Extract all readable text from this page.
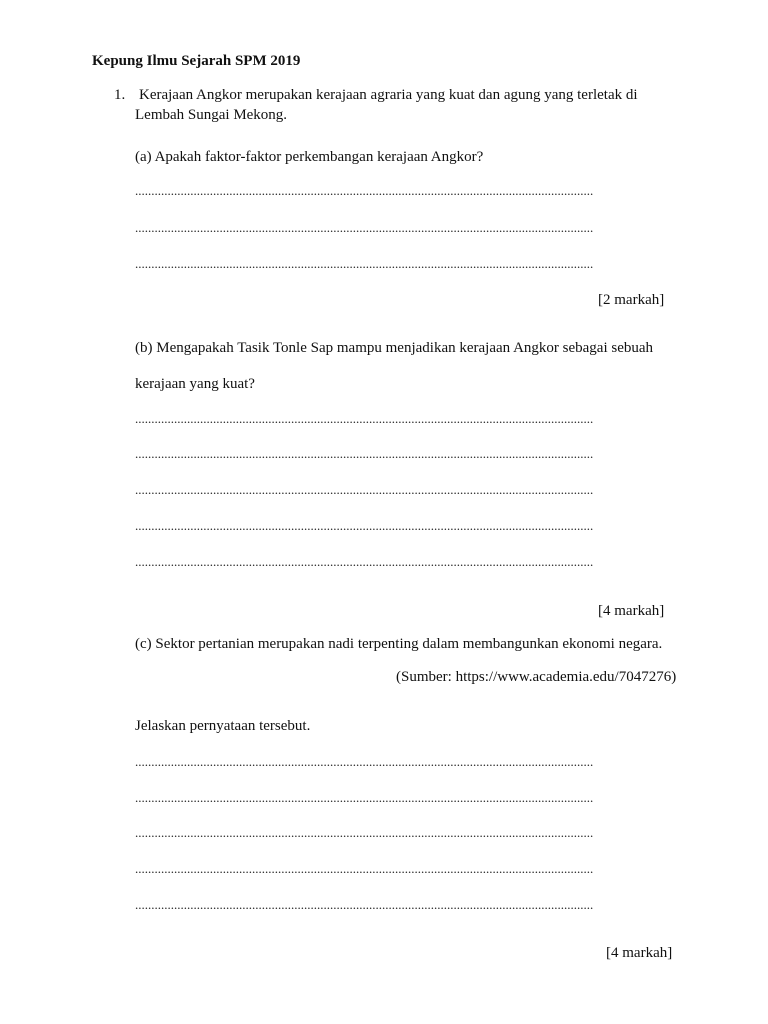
Kepung Ilmu Sejarah SPM 2019
1. Kerajaan Angkor merupakan kerajaan agraria yang kuat dan agung yang terletak di
Lembah Sungai Mekong.
(a) Apakah faktor-faktor perkembangan kerajaan Angkor?
.............................................................................................................................................
.............................................................................................................................................
.............................................................................................................................................
[2 markah]
(b) Mengapakah Tasik Tonle Sap mampu menjadikan kerajaan Angkor sebagai sebuah
kerajaan yang kuat?
.............................................................................................................................................
.............................................................................................................................................
.............................................................................................................................................
.............................................................................................................................................
.............................................................................................................................................
[4 markah]
(c) Sektor pertanian merupakan nadi terpenting dalam membangunkan ekonomi negara.
(Sumber: https://www.academia.edu/7047276)
Jelaskan pernyataan tersebut.
.............................................................................................................................................
.............................................................................................................................................
.............................................................................................................................................
.............................................................................................................................................
.............................................................................................................................................
[4 markah]
